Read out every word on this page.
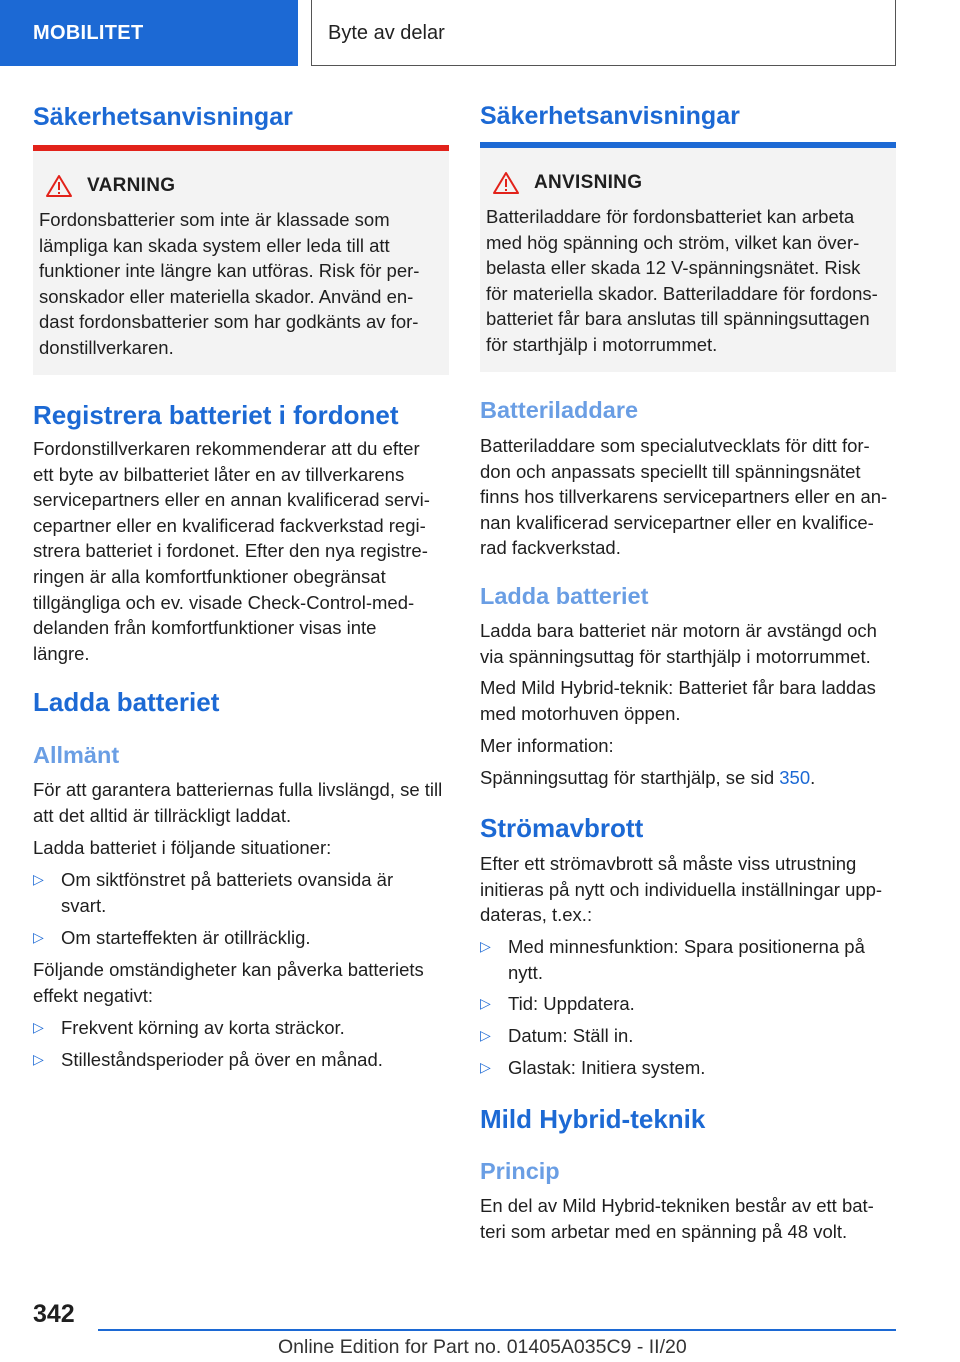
MOBILITET	Byte av delar
Säkerhetsanvisningar
VARNING
Fordonsbatterier som inte är klassade som
lämpliga kan skada system eller leda till att
funktioner inte längre kan utföras. Risk för per-
sonskador eller materiella skador. Använd en-
dast fordonsbatterier som har godkänts av for-
donstillverkaren.
Registrera batteriet i fordonet
Fordonstillverkaren rekommenderar att du efter
ett byte av bilbatteriet låter en av tillverkarens
servicepartners eller en annan kvalificerad servi-
cepartner eller en kvalificerad fackverkstad regi-
strera batteriet i fordonet. Efter den nya registre-
ringen är alla komfortfunktioner obegränsat
tillgängliga och ev. visade Check-Control-med-
delanden från komfortfunktioner visas inte
längre.
Ladda batteriet
Allmänt
För att garantera batteriernas fulla livslängd, se till
att det alltid är tillräckligt laddat.
Ladda batteriet i följande situationer:
▷ Om siktfönstret på batteriets ovansida är
svart.
▷ Om starteffekten är otillräcklig.
Följande omständigheter kan påverka batteriets
effekt negativt:
▷ Frekvent körning av korta sträckor.
▷ Stilleståndsperioder på över en månad.
Säkerhetsanvisningar
ANVISNING
Batteriladdare för fordonsbatteriet kan arbeta
med hög spänning och ström, vilket kan över-
belasta eller skada 12 V-spänningsnätet. Risk
för materiella skador. Batteriladdare för fordons-
batteriet får bara anslutas till spänningsuttagen
för starthjälp i motorrummet.
Batteriladdare
Batteriladdare som specialutvecklats för ditt for-
don och anpassats speciellt till spänningsnätet
finns hos tillverkarens servicepartners eller en an-
nan kvalificerad servicepartner eller en kvalifice-
rad fackverkstad.
Ladda batteriet
Ladda bara batteriet när motorn är avstängd och
via spänningsuttag för starthjälp i motorrummet.
Med Mild Hybrid-teknik: Batteriet får bara laddas
med motorhuven öppen.
Mer information:
Spänningsuttag för starthjälp, se sid 350.
Strömavbrott
Efter ett strömavbrott så måste viss utrustning
initieras på nytt och individuella inställningar upp-
dateras, t.ex.:
▷ Med minnesfunktion: Spara positionerna på
nytt.
▷ Tid: Uppdatera.
▷ Datum: Ställ in.
▷ Glastak: Initiera system.
Mild Hybrid-teknik
Princip
En del av Mild Hybrid-tekniken består av ett bat-
teri som arbetar med en spänning på 48 volt.
342
Online Edition for Part no. 01405A035C9 - II/20
